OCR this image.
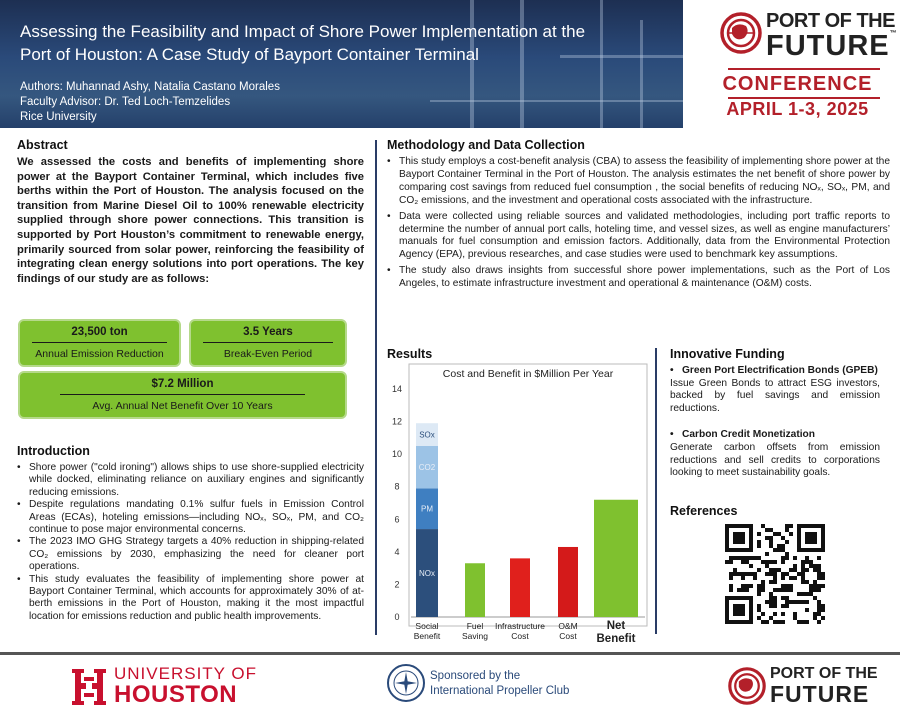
Assessing the Feasibility and Impact of Shore Power Implementation at the Port of Houston: A Case Study of Bayport Container Terminal
Authors: Muhannad Ashy, Natalia Castano Morales
Faculty Advisor: Dr. Ted Loch-Temzelides
Rice University
PORT OF THE
FUTURE™
CONFERENCE
APRIL 1-3, 2025
Abstract
We assessed the costs and benefits of implementing shore power at the Bayport Container Terminal, which includes five berths within the Port of Houston. The analysis focused on the transition from Marine Diesel Oil to 100% renewable electricity supplied through shore power connections. This transition is supported by Port Houston’s commitment to renewable energy, primarily sourced from solar power, reinforcing the feasibility of integrating clean energy solutions into port operations. The key findings of our study are as follows:
23,500 ton
Annual Emission Reduction
3.5 Years
Break-Even Period
$7.2 Million
Avg. Annual Net Benefit Over 10 Years
Introduction
• Shore power ("cold ironing") allows ships to use shore-supplied electricity while docked, eliminating reliance on auxiliary engines and significantly reducing emissions.
• Despite regulations mandating 0.1% sulfur fuels in Emission Control Areas (ECAs), hoteling emissions—including NOₓ, SOₓ, PM, and CO₂ continue to pose major environmental concerns.
• The 2023 IMO GHG Strategy targets a 40% reduction in shipping-related CO₂ emissions by 2030, emphasizing the need for cleaner port operations.
• This study evaluates the feasibility of implementing shore power at Bayport Container Terminal, which accounts for approximately 30% of at-berth emissions in the Port of Houston, making it the most impactful location for emissions reduction and public health improvements.
Methodology and Data Collection
• This study employs a cost-benefit analysis (CBA) to assess the feasibility of implementing shore power at the Bayport Container Terminal in the Port of Houston. The analysis estimates the net benefit of shore power by comparing cost savings from reduced fuel consumption , the social benefits of reducing NOₓ, SOₓ, PM, and CO₂ emissions, and the investment and operational costs associated with the infrastructure.
• Data were collected using reliable sources and validated methodologies, including port traffic reports to determine the number of annual port calls, hoteling time, and vessel sizes, as well as engine manufacturers’ manuals for fuel consumption and emission factors. Additionally, data from the Environmental Protection Agency (EPA), previous researches, and case studies were used to benchmark key assumptions.
• The study also draws insights from successful shore power implementations, such as the Port of Los Angeles, to estimate infrastructure investment and operational & maintenance (O&M) costs.
Results
Cost and Benefit in $Million Per Year
0
2
4
6
8
10
12
14
NOx
PM
CO2
SOx
Social
Benefit
Fuel
Saving
Infrastructure
Cost
O&M
Cost
Net
Benefit
Innovative Funding
• Green Port Electrification Bonds (GPEB)
Issue Green Bonds to attract ESG investors, backed by fuel savings and emission reductions.
• Carbon Credit Monetization
Generate carbon offsets from emission reductions and sell credits to corporations looking to meet sustainability goals.
References
UNIVERSITY OF
HOUSTON
Sponsored by the
International Propeller Club
PORT OF THE
FUTURE
